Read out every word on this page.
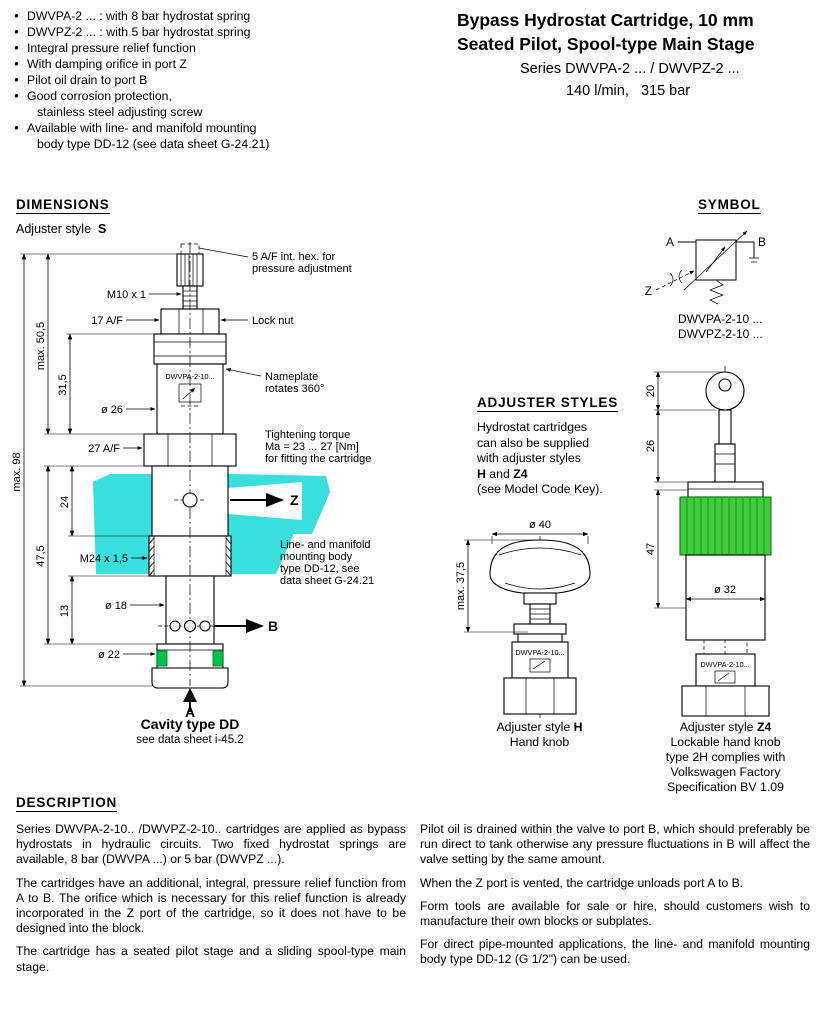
● DWVPA-2 ... : with 8 bar hydrostat spring
● DWVPZ-2 ... : with 5 bar hydrostat spring
● Integral pressure relief function
● With damping orifice in port Z
● Pilot oil drain to port B
● Good corrosion protection,
stainless steel adjusting screw
● Available with line- and manifold mounting
body type DD-12 (see data sheet G-24.21)
Bypass Hydrostat Cartridge, 10 mm
Seated Pilot, Spool-type Main Stage
Series DWVPA-2 ... / DWVPZ-2 ...
140 l/min,   315 bar
DIMENSIONS
Adjuster style S
5 A/F int. hex. for
pressure adjustment
M10 x 1
17 A/F	Lock nut
DWVPA-2-10...	Nameplate
rotates 360°
ø 26
Tightening torque
Ma = 23 ... 27 [Nm]
for fitting the cartridge
27 A/F
Z
M24 x 1,5
Line- and manifold
mounting body
type DD-12, see
data sheet G-24.21
ø 18
B
ø 22
A
max. 98
max. 50,5
31,5
47,5
24
13
Cavity type DD
see data sheet i-45.2
SYMBOL
A	B
Z
DWVPA-2-10 ...
DWVPZ-2-10 ...
ADJUSTER STYLES
Hydrostat cartridges
can also be supplied
with adjuster styles
H and Z4
(see Model Code Key).
ø 40
max. 37,5
DWVPA-2-10...
Adjuster style H
Hand knob
20
26
47
ø 32
DWVPA-2-10...
Adjuster style Z4
Lockable hand knob
type 2H complies with
Volkswagen Factory
Specification BV 1.09
DESCRIPTION

Series DWVPA-2-10.. /DWVPZ-2-10.. cartridges are applied as bypass hydrostats in hydraulic circuits. Two fixed hydrostat springs are available, 8 bar (DWVPA ...) or 5 bar (DWVPZ ...).

The cartridges have an additional, integral, pressure relief function from A to B. The orifice which is necessary for this relief function is already incorporated in the Z port of the cartridge, so it does not have to be designed into the block.

The cartridge has a seated pilot stage and a sliding spool-type main stage.

Pilot oil is drained within the valve to port B, which should preferably be run direct to tank otherwise any pressure fluctuations in B will affect the valve setting by the same amount.

When the Z port is vented, the cartridge unloads port A to B.

Form tools are available for sale or hire, should customers wish to manufacture their own blocks or subplates.

For direct pipe-mounted applications, the line- and manifold mounting body type DD-12 (G 1/2") can be used.
